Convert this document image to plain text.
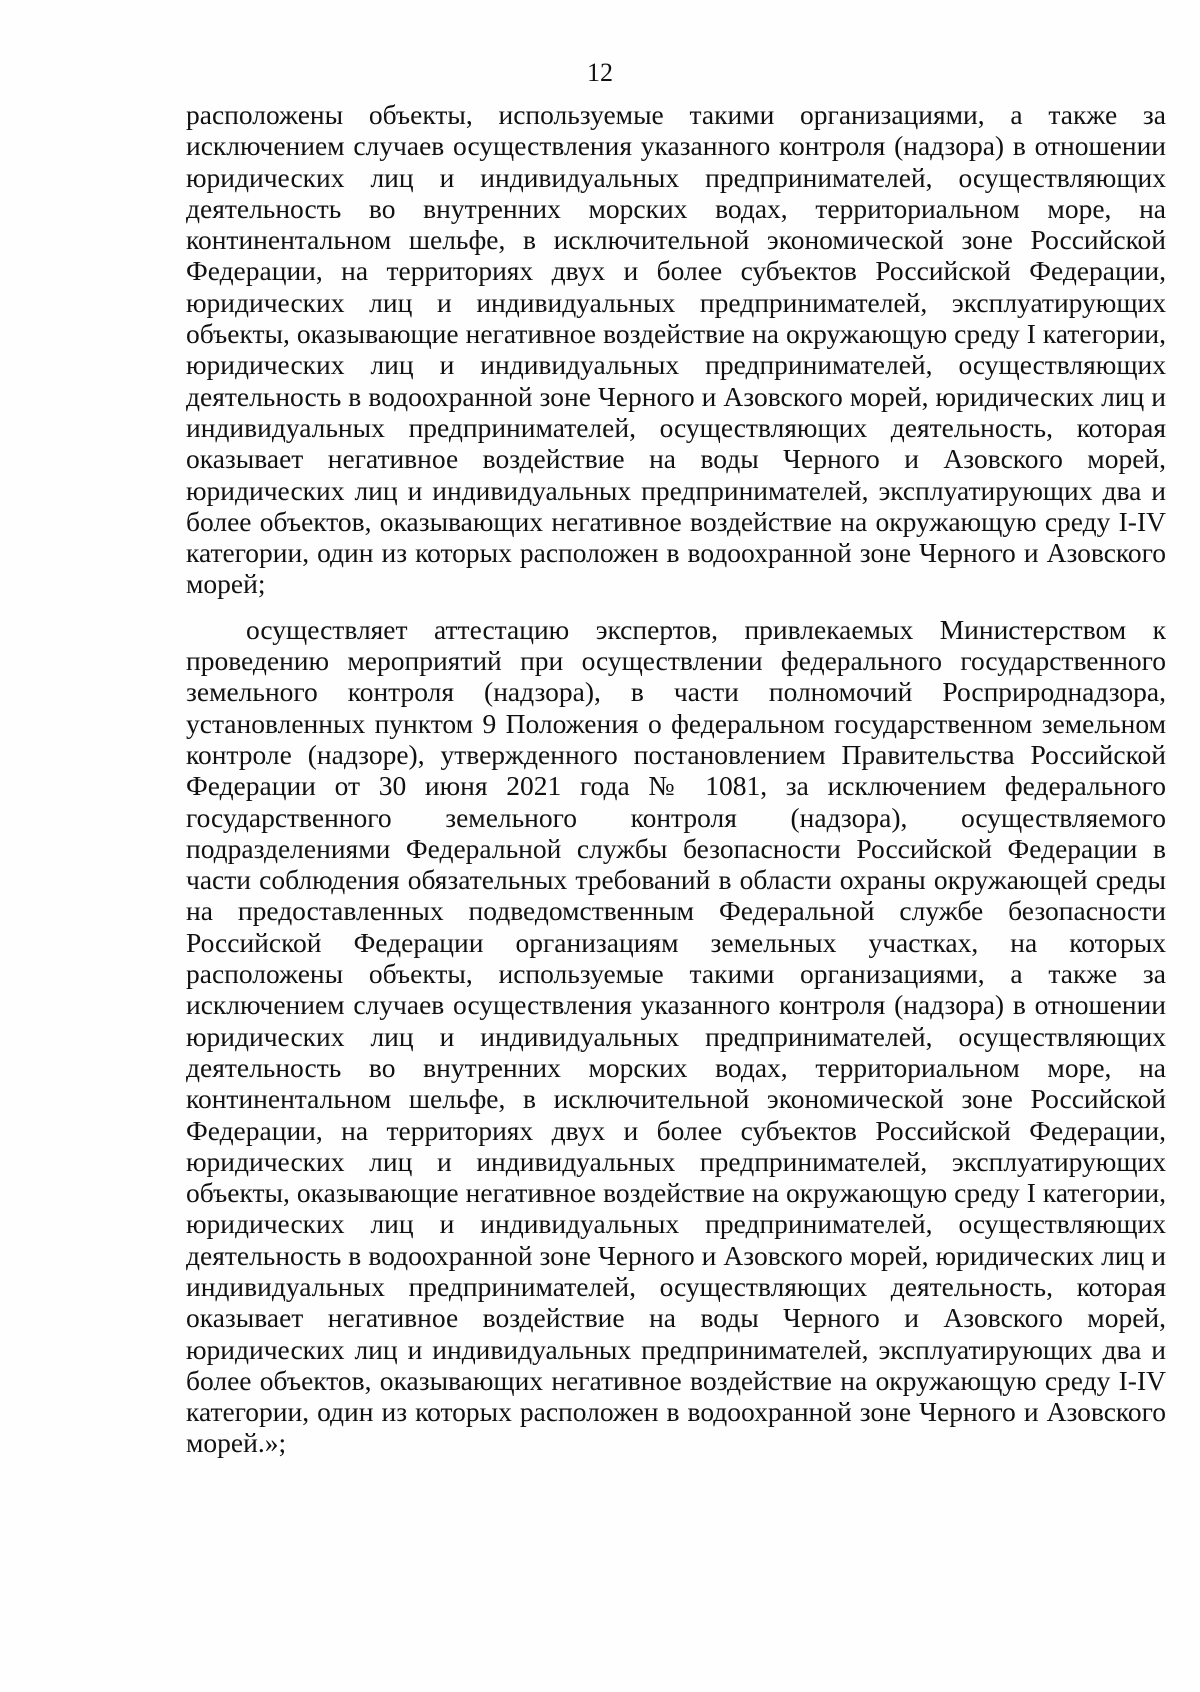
12

расположены объекты, используемые такими организациями, а также за исключением случаев осуществления указанного контроля (надзора) в отношении юридических лиц и индивидуальных предпринимателей, осуществляющих деятельность во внутренних морских водах, территориальном море, на континентальном шельфе, в исключительной экономической зоне Российской Федерации, на территориях двух и более субъектов Российской Федерации, юридических лиц и индивидуальных предпринимателей, эксплуатирующих объекты, оказывающие негативное воздействие на окружающую среду I категории, юридических лиц и индивидуальных предпринимателей, осуществляющих деятельность в водоохранной зоне Черного и Азовского морей, юридических лиц и индивидуальных предпринимателей, осуществляющих деятельность, которая оказывает негативное воздействие на воды Черного и Азовского морей, юридических лиц и индивидуальных предпринимателей, эксплуатирующих два и более объектов, оказывающих негативное воздействие на окружающую среду I-IV категории, один из которых расположен в водоохранной зоне Черного и Азовского морей;

осуществляет аттестацию экспертов, привлекаемых Министерством к проведению мероприятий при осуществлении федерального государственного земельного контроля (надзора), в части полномочий Росприроднадзора, установленных пунктом 9 Положения о федеральном государственном земельном контроле (надзоре), утвержденного постановлением Правительства Российской Федерации от 30 июня 2021 года № 1081, за исключением федерального государственного земельного контроля (надзора), осуществляемого подразделениями Федеральной службы безопасности Российской Федерации в части соблюдения обязательных требований в области охраны окружающей среды на предоставленных подведомственным Федеральной службе безопасности Российской Федерации организациям земельных участках, на которых расположены объекты, используемые такими организациями, а также за исключением случаев осуществления указанного контроля (надзора) в отношении юридических лиц и индивидуальных предпринимателей, осуществляющих деятельность во внутренних морских водах, территориальном море, на континентальном шельфе, в исключительной экономической зоне Российской Федерации, на территориях двух и более субъектов Российской Федерации, юридических лиц и индивидуальных предпринимателей, эксплуатирующих объекты, оказывающие негативное воздействие на окружающую среду I категории, юридических лиц и индивидуальных предпринимателей, осуществляющих деятельность в водоохранной зоне Черного и Азовского морей, юридических лиц и индивидуальных предпринимателей, осуществляющих деятельность, которая оказывает негативное воздействие на воды Черного и Азовского морей, юридических лиц и индивидуальных предпринимателей, эксплуатирующих два и более объектов, оказывающих негативное воздействие на окружающую среду I-IV категории, один из которых расположен в водоохранной зоне Черного и Азовского морей.»;
